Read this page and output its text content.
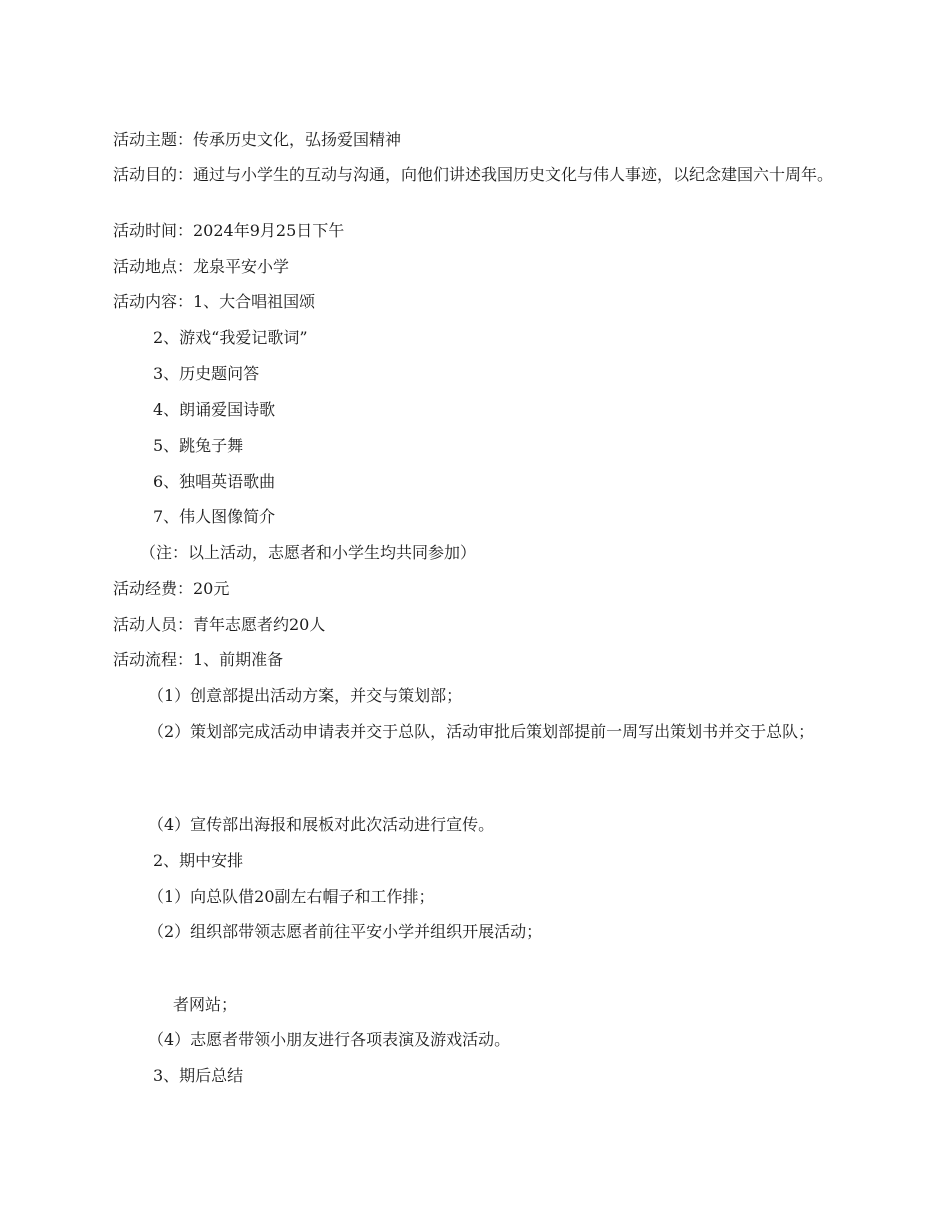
活动主题：传承历史文化，弘扬爱国精神
活动目的：通过与小学生的互动与沟通，向他们讲述我国历史文化与伟人事迹，以纪念建国六十周年。
活动时间：2024年9月25日下午
活动地点：龙泉平安小学
活动内容：1、大合唱祖国颂
2、游戏“我爱记歌词”
3、历史题问答
4、朗诵爱国诗歌
5、跳兔子舞
6、独唱英语歌曲
7、伟人图像简介
（注：以上活动，志愿者和小学生均共同参加）
活动经费：20元
活动人员：青年志愿者约20人
活动流程：1、前期准备
（1）创意部提出活动方案，并交与策划部；
（2）策划部完成活动申请表并交于总队，活动审批后策划部提前一周写出策划书并交于总队；
（4）宣传部出海报和展板对此次活动进行宣传。
2、期中安排
（1）向总队借20副左右帽子和工作排；
（2）组织部带领志愿者前往平安小学并组织开展活动；
者网站；
（4）志愿者带领小朋友进行各项表演及游戏活动。
3、期后总结
